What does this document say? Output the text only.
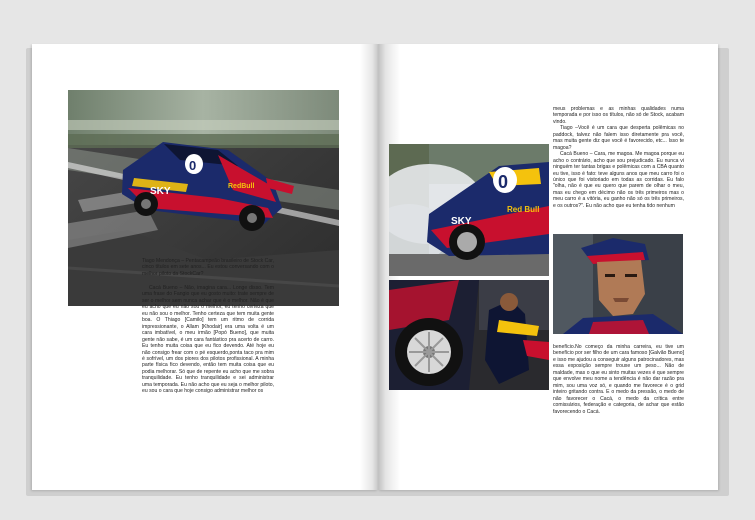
0
SKY	RedBull
Tiago Mendonça – Pentacampeão brasileiro de Stock Car, cinco títulos em sete anos... Eu estou conversando com o melhor piloto da StockCar?

Cacá Bueno – Não, imagina cara... Longe disso. Tem uma frase do Fangio que eu gosto muito: trate sempre de ser o melhor sem nunca achar que é o melhor. Não é que eu acho que eu não sou o melhor, eu tenho certeza que eu não sou o melhor. Tenho certeza que tem muita gente boa. O Thiago [Camilo] tem um ritmo de corrida impressionante, o Allam [Khodair] era uma volta é um cara imbatível, o meu irmão [Popó Bueno], que muita gente não sabe, é um cara fantástico pra acerto de carro. Eu tenho muita coisa que eu fico devendo. Até hoje eu não consigo frear com o pé esquerdo,ponta taco pra mim é sofrível, um dos piores dos pilotos profissional. A minha parte física fico devendo, então tem muita coisa que eu podia melhorar. Só que de repente eu acho que me sobra tranquilidade. Eu tenho tranquilidade e sei administrar uma temporada. Eu não acho que eu seja o melhor piloto, eu sou o cara que hoje consigo administrar melhor os

meus problemas e as minhas qualidades numa temporada e por isso os títulos, não só de Stock, acabam vindo.

Tiago –Você é um cara que desperta polêmicas no paddock, talvez não falem isso diretamente pra você, mas muita gente diz que você é favorecido, etc... Isso te magoa?

Cacá Bueno – Cara, me magoa. Me magoa porque eu acho o contrário, acho que sou prejudicado. Eu nunca vi ninguém ter tantas brigas e polêmicas com a CBA quanto eu tive, isso é fato: teve alguns anos que meu carro foi o único que foi vistoriado em todas as corridas. Eu falo "olha, não é que eu quero que parem de olhar o meu, mas eu chego em décimo não os três primeiros mas o meu carro é a vitória, eu ganho não só os três primeiros, e os outros?". Eu não acho que eu tenha tido nenhum

0
SKY
Red Bull
benefício.No começo da minha carreira, eu tive um benefício por ser filho de um cara famoso [Galvão Bueno] e isso me ajudou a conseguir alguns patrocinadores, mas essa exposição sempre trouxe um peso... Não de maldade, mas o que eu sinto muitas vezes é que sempre que envolve meu nome a tendência é não dar razão pra mim, sou uma voz só, e quando me favorece é o grid inteiro gritando contra. E o medo da pressão, o medo de não favorecer o Cacá, o medo da crítica entre comissários, federação e categoria, de achar que estão favorecendo o Cacá.
